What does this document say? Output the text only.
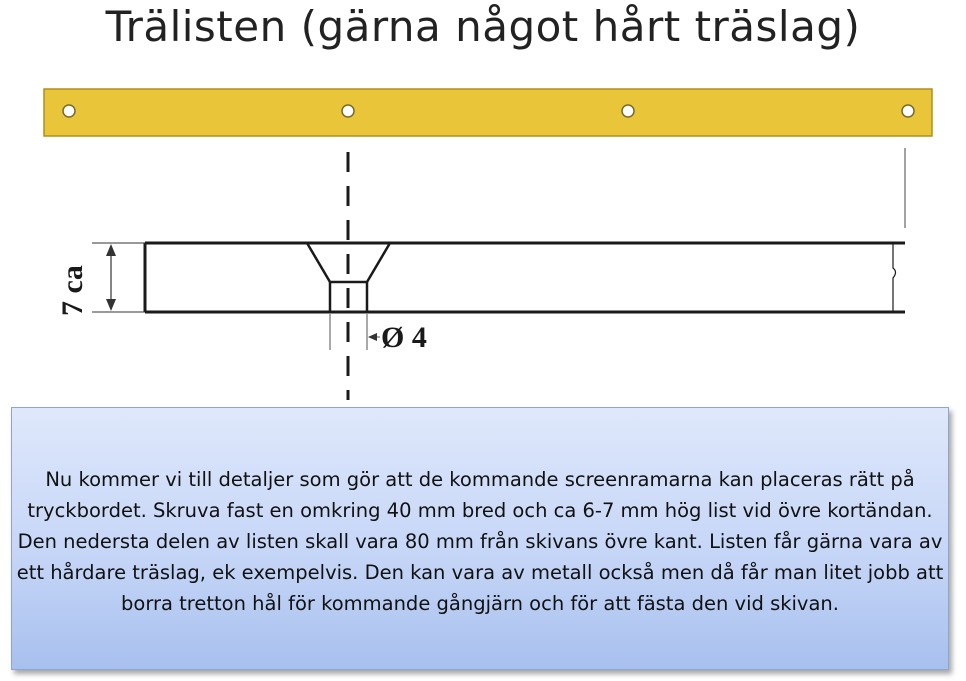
Trälisten (gärna något hårt träslag)
7 ca
Ø 4
Nu kommer vi till detaljer som gör att de kommande screenramarna kan placeras rätt på tryckbordet. Skruva fast en omkring 40 mm bred och ca 6-7 mm hög list vid övre kortändan. Den nedersta delen av listen skall vara 80 mm från skivans övre kant. Listen får gärna vara av ett hårdare träslag, ek exempelvis. Den kan vara av metall också men då får man litet jobb att borra tretton hål för kommande gångjärn och för att fästa den vid skivan.
